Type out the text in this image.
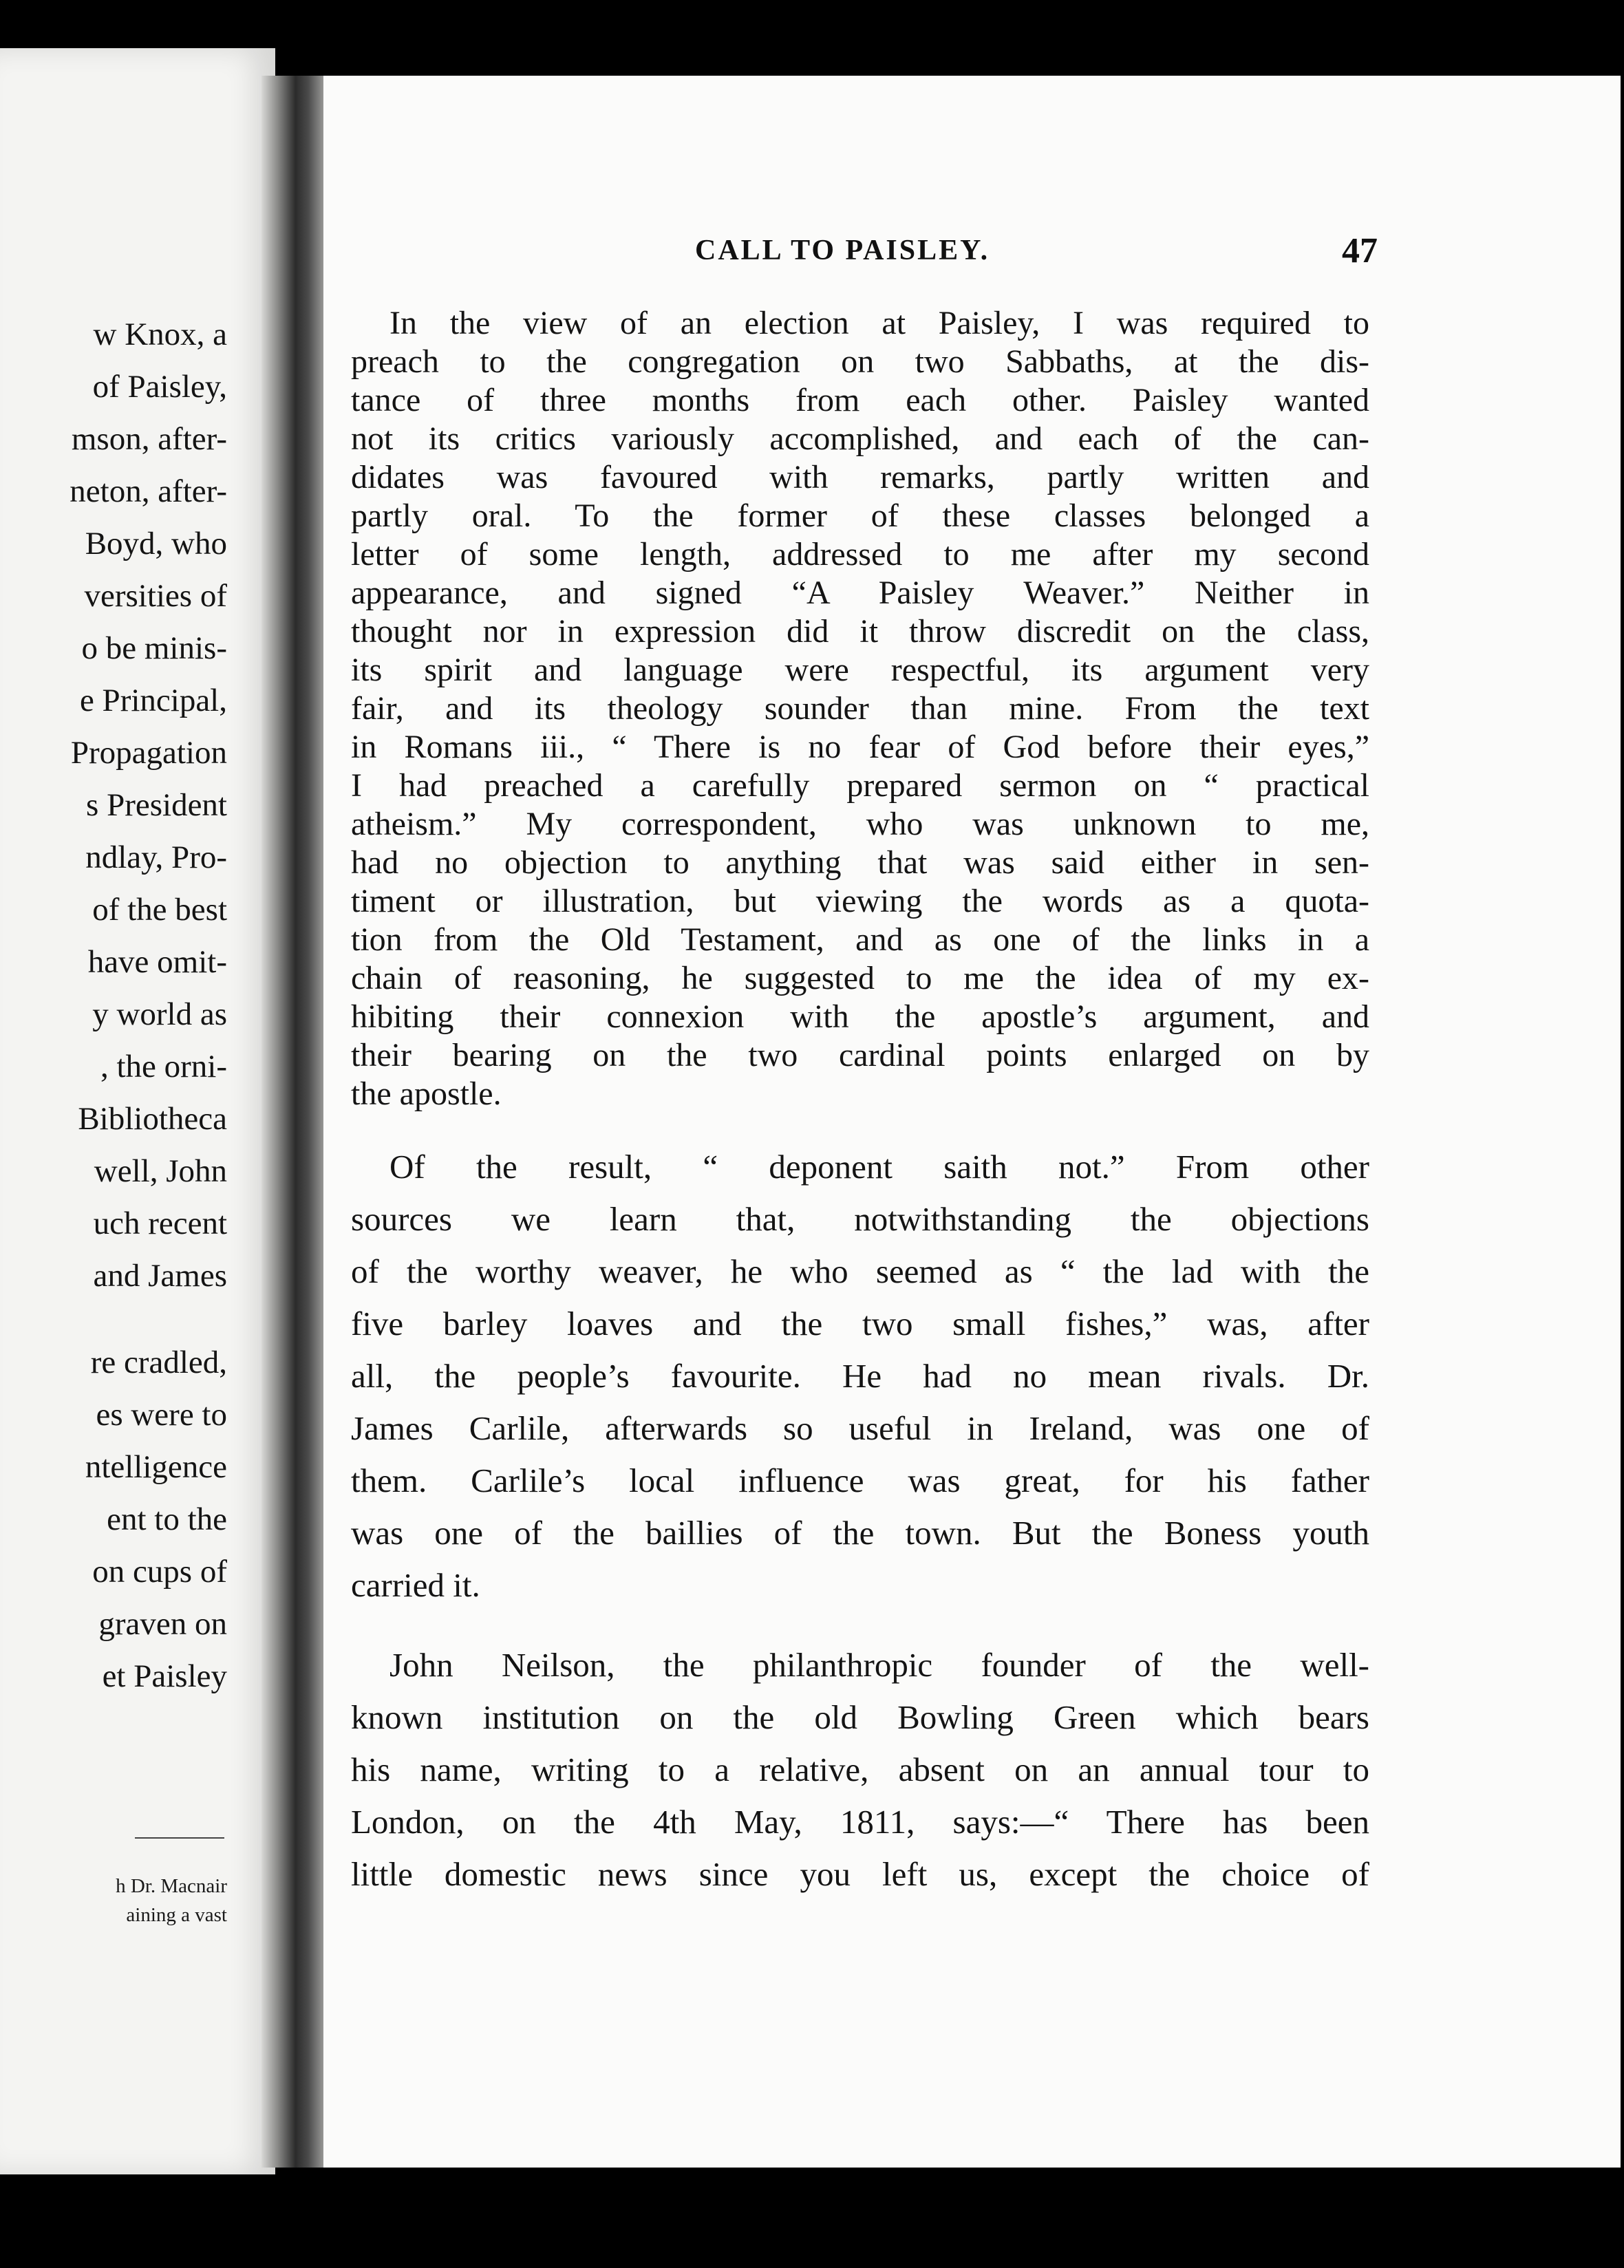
w Knox, a
of Paisley,
mson, after-
neton, after-
Boyd, who
versities of
o be minis-
e Principal,
Propagation
s President
ndlay, Pro-
of the best
have omit-
y world as
, the orni-
Bibliotheca
well, John
uch recent
and James
re cradled,
es were to
ntelligence
ent to the
on cups of
graven on
et Paisley
h Dr. Macnair
aining a vast
CALL TO PAISLEY.	47
In the view of an election at Paisley, I was required to
preach to the congregation on two Sabbaths, at the dis-
tance of three months from each other. Paisley wanted
not its critics variously accomplished, and each of the can-
didates was favoured with remarks, partly written and
partly oral. To the former of these classes belonged a
letter of some length, addressed to me after my second
appearance, and signed “A Paisley Weaver.” Neither in
thought nor in expression did it throw discredit on the class,
its spirit and language were respectful, its argument very
fair, and its theology sounder than mine. From the text
in Romans iii., “ There is no fear of God before their eyes,”
I had preached a carefully prepared sermon on “ practical
atheism.” My correspondent, who was unknown to me,
had no objection to anything that was said either in sen-
timent or illustration, but viewing the words as a quota-
tion from the Old Testament, and as one of the links in a
chain of reasoning, he suggested to me the idea of my ex-
hibiting their connexion with the apostle’s argument, and
their bearing on the two cardinal points enlarged on by
the apostle.
Of the result, “ deponent saith not.” From other
sources we learn that, notwithstanding the objections
of the worthy weaver, he who seemed as “ the lad with the
five barley loaves and the two small fishes,” was, after
all, the people’s favourite. He had no mean rivals. Dr.
James Carlile, afterwards so useful in Ireland, was one of
them. Carlile’s local influence was great, for his father
was one of the baillies of the town. But the Boness youth
carried it.
John Neilson, the philanthropic founder of the well-
known institution on the old Bowling Green which bears
his name, writing to a relative, absent on an annual tour to
London, on the 4th May, 1811, says:—“ There has been
little domestic news since you left us, except the choice of
